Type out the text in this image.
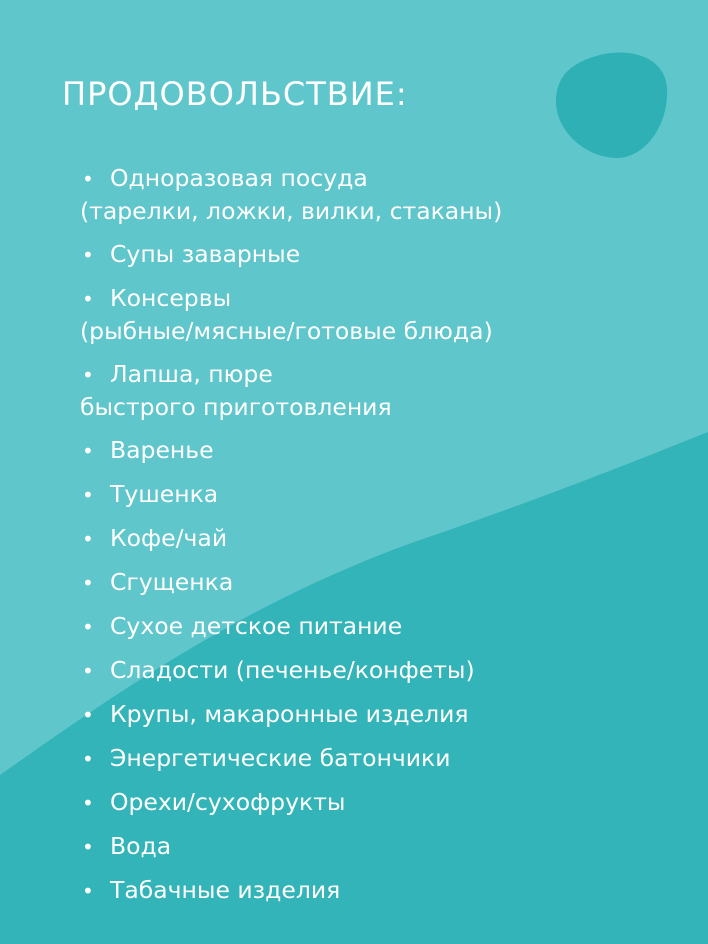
ПРОДОВОЛЬСТВИЕ:
• Одноразовая посуда
(тарелки, ложки, вилки, стаканы)
• Супы заварные
• Консервы
(рыбные/мясные/готовые блюда)
• Лапша, пюре
быстрого приготовления
• Варенье
• Тушенка
• Кофе/чай
• Сгущенка
• Сухое детское питание
• Сладости (печенье/конфеты)
• Крупы, макаронные изделия
• Энергетические батончики
• Орехи/сухофрукты
• Вода
• Табачные изделия
